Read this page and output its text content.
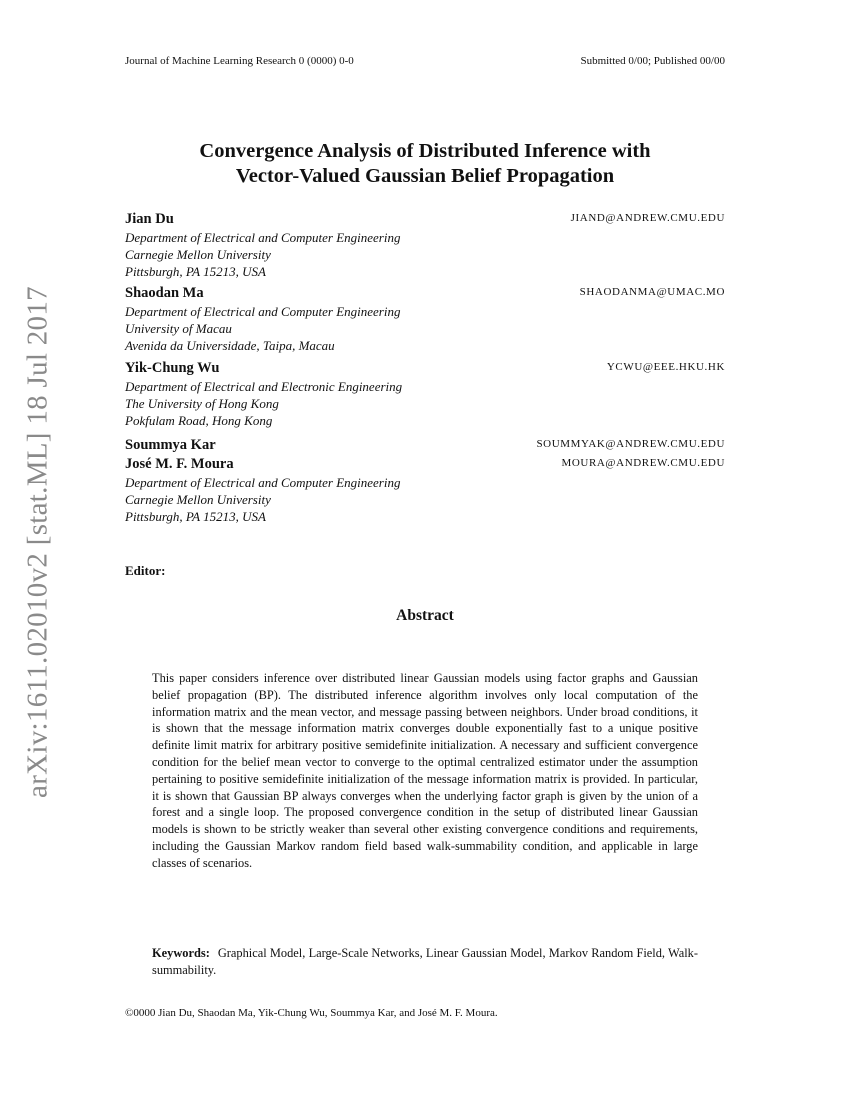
Journal of Machine Learning Research 0 (0000) 0-0	Submitted 0/00; Published 00/00
Convergence Analysis of Distributed Inference with
Vector-Valued Gaussian Belief Propagation
Jian Du	JIAND@ANDREW.CMU.EDU
Department of Electrical and Computer Engineering
Carnegie Mellon University
Pittsburgh, PA 15213, USA
Shaodan Ma	SHAODANMA@UMAC.MO
Department of Electrical and Computer Engineering
University of Macau
Avenida da Universidade, Taipa, Macau
Yik-Chung Wu	YCWU@EEE.HKU.HK
Department of Electrical and Electronic Engineering
The University of Hong Kong
Pokfulam Road, Hong Kong
Soummya Kar	SOUMMYAK@ANDREW.CMU.EDU
José M. F. Moura	MOURA@ANDREW.CMU.EDU
Department of Electrical and Computer Engineering
Carnegie Mellon University
Pittsburgh, PA 15213, USA
Editor:
Abstract
This paper considers inference over distributed linear Gaussian models using factor graphs and Gaussian belief propagation (BP). The distributed inference algorithm involves only local computation of the information matrix and the mean vector, and message passing between neighbors. Under broad conditions, it is shown that the message information matrix converges double exponentially fast to a unique positive definite limit matrix for arbitrary positive semidefinite initialization. A necessary and sufficient convergence condition for the belief mean vector to converge to the optimal centralized estimator under the assumption pertaining to positive semidefinite initialization of the message information matrix is provided. In particular, it is shown that Gaussian BP always converges when the underlying factor graph is given by the union of a forest and a single loop. The proposed convergence condition in the setup of distributed linear Gaussian models is shown to be strictly weaker than several other existing convergence conditions and requirements, including the Gaussian Markov random field based walk-summability condition, and applicable in large classes of scenarios.
Keywords: Graphical Model, Large-Scale Networks, Linear Gaussian Model, Markov Random Field, Walk-summability.
©0000 Jian Du, Shaodan Ma, Yik-Chung Wu, Soummya Kar, and José M. F. Moura.
arXiv:1611.02010v2 [stat.ML] 18 Jul 2017
